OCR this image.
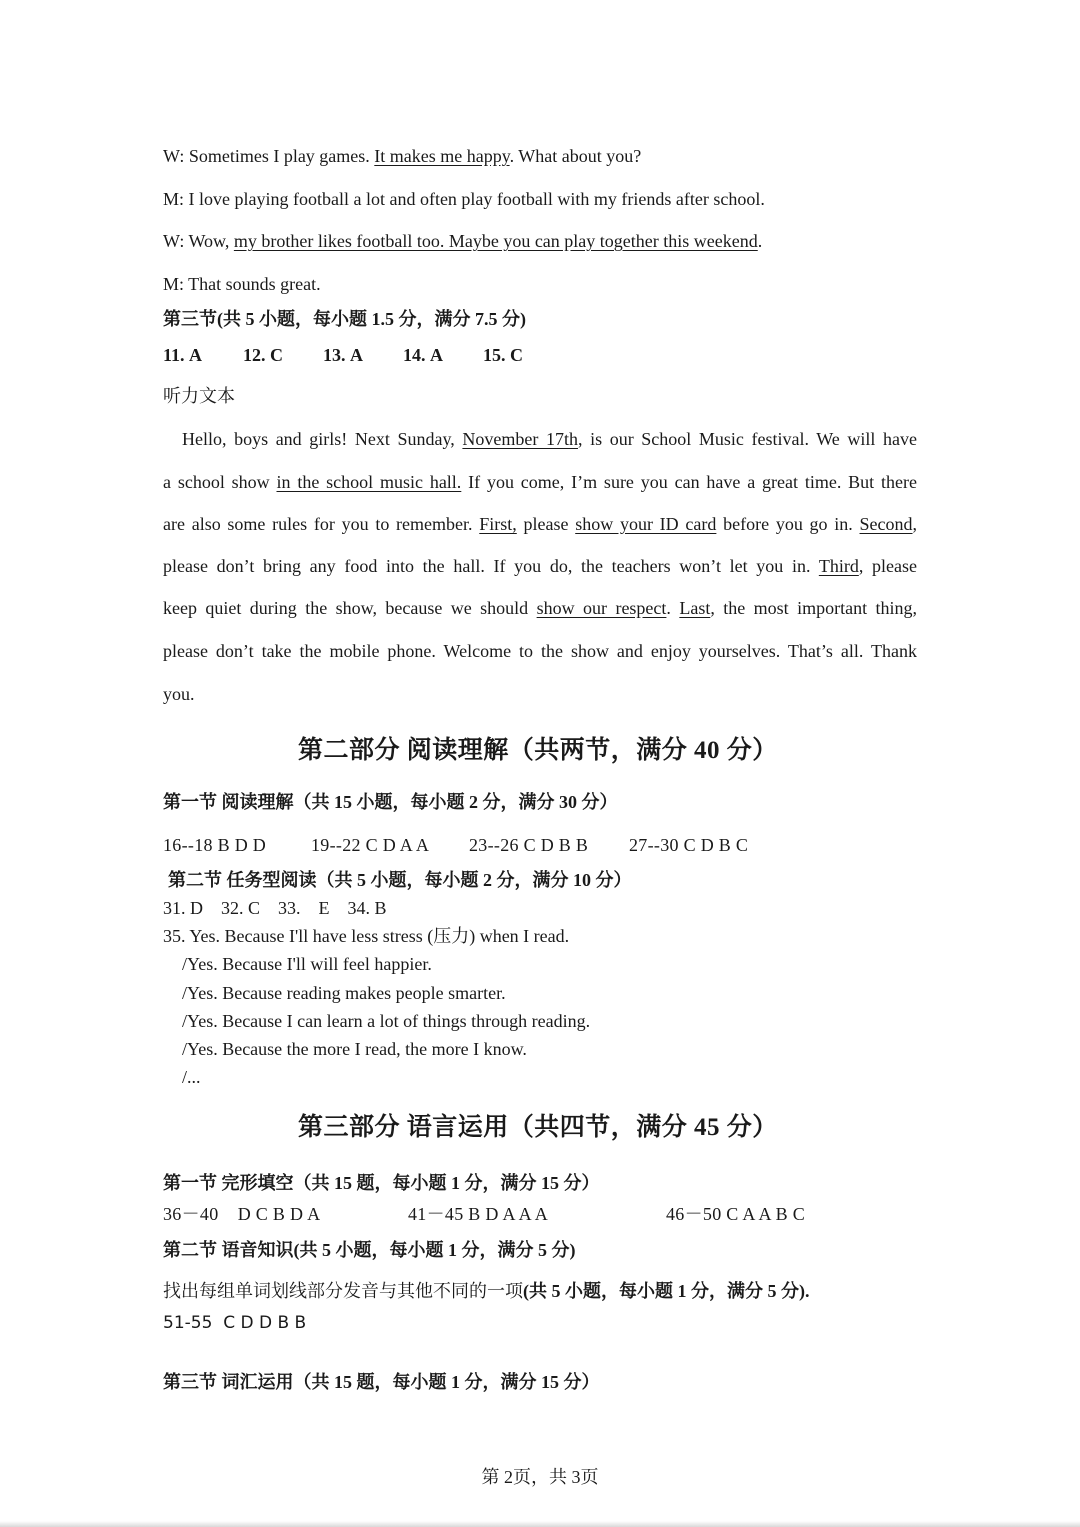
W: Sometimes I play games. It makes me happy. What about you?
M: I love playing football a lot and often play football with my friends after school.
W: Wow, my brother likes football too. Maybe you can play together this weekend.
M: That sounds great.
第三节(共 5 小题，每小题 1.5 分，满分 7.5 分)
11. A 12. C 13. A 14. A 15. C
听力文本
Hello, boys and girls! Next Sunday, November 17th, is our School Music festival. We will have
a school show in the school music hall. If you come, I’m sure you can have a great time. But there
are also some rules for you to remember. First, please show your ID card before you go in. Second,
please don’t bring any food into the hall. If you do, the teachers won’t let you in. Third, please
keep quiet during the show, because we should show our respect. Last, the most important thing,
please don’t take the mobile phone. Welcome to the show and enjoy yourselves. That’s all. Thank
you.
第二部分 阅读理解（共两节，满分 40 分）
第一节 阅读理解（共 15 小题，每小题 2 分，满分 30 分）
16--18 B D D 19--22 C D A A 23--26 C D B B 27--30 C D B C
第二节 任务型阅读（共 5 小题，每小题 2 分，满分 10 分）
31. D    32. C    33.    E    34. B
35. Yes. Because I'll have less stress (压力) when I read.
/Yes. Because I'll will feel happier.
/Yes. Because reading makes people smarter.
/Yes. Because I can learn a lot of things through reading.
/Yes. Because the more I read, the more I know.
/...
第三部分 语言运用（共四节，满分 45 分）
第一节 完形填空（共 15 题，每小题 1 分，满分 15 分）
36－40    D C B D A	41－45 B D A A A	46－50 C A A B C
第二节 语音知识(共 5 小题，每小题 1 分，满分 5 分)
找出每组单词划线部分发音与其他不同的一项(共 5 小题，每小题 1 分，满分 5 分).
51-55  C D D B B
第三节 词汇运用（共 15 题，每小题 1 分，满分 15 分）
第 2页，共 3页
